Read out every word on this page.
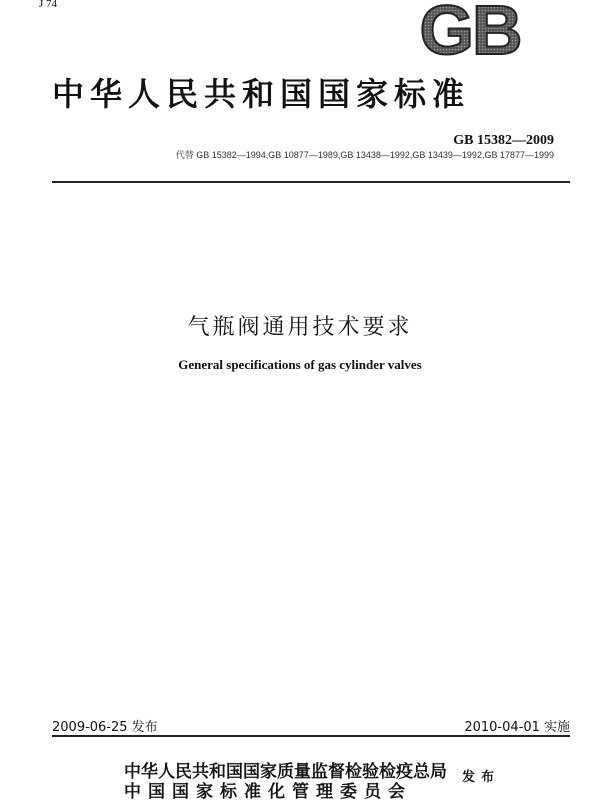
J 74	GB
中华人民共和国国家标准
GB 15382—2009
代替 GB 15382—1994,GB 10877—1989,GB 13438—1992,GB 13439—1992,GB 17877—1999
气瓶阀通用技术要求
General specifications of gas cylinder valves
2009-06-25 发布	2010-04-01 实施
中华人民共和国国家质量监督检验检疫总局
中国国家标准化管理委员会
发布
